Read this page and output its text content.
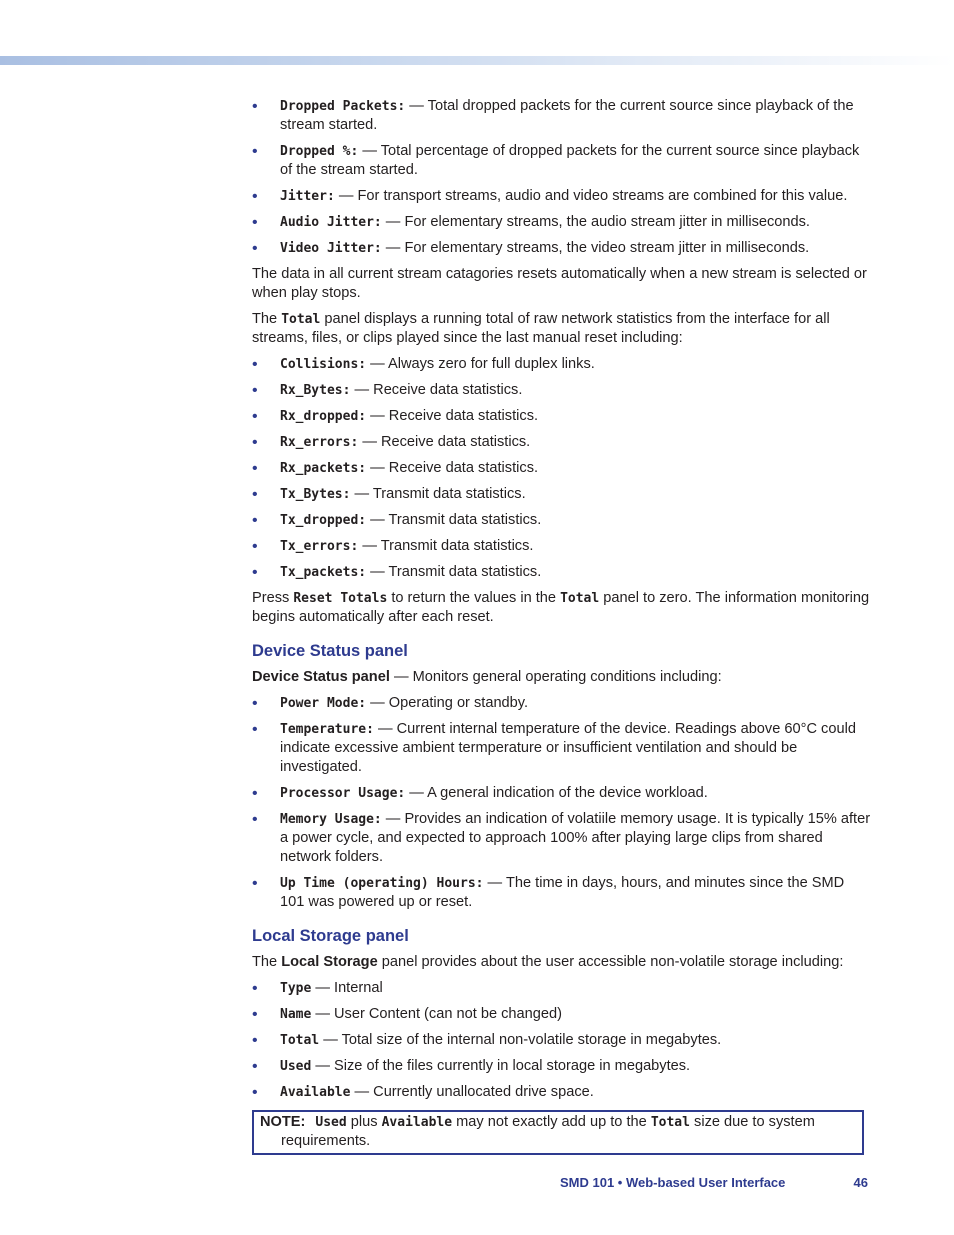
• Dropped Packets: — Total dropped packets for the current source since playback of the stream started.
• Dropped %: — Total percentage of dropped packets for the current source since playback of the stream started.
• Jitter: — For transport streams, audio and video streams are combined for this value.
• Audio Jitter: — For elementary streams, the audio stream jitter in milliseconds.
• Video Jitter: — For elementary streams, the video stream jitter in milliseconds.

The data in all current stream catagories resets automatically when a new stream is selected or when play stops.

The Total panel displays a running total of raw network statistics from the interface for all streams, files, or clips played since the last manual reset including:

• Collisions: — Always zero for full duplex links.
• Rx_Bytes: — Receive data statistics.
• Rx_dropped: — Receive data statistics.
• Rx_errors: — Receive data statistics.
• Rx_packets: — Receive data statistics.
• Tx_Bytes: — Transmit data statistics.
• Tx_dropped: — Transmit data statistics.
• Tx_errors: — Transmit data statistics.
• Tx_packets: — Transmit data statistics.

Press Reset Totals to return the values in the Total panel to zero. The information monitoring begins automatically after each reset.

Device Status panel

Device Status panel — Monitors general operating conditions including:

• Power Mode: — Operating or standby.
• Temperature: — Current internal temperature of the device. Readings above 60°C could indicate excessive ambient termperature or insufficient ventilation and should be investigated.
• Processor Usage: — A general indication of the device workload.
• Memory Usage: — Provides an indication of volatiile memory usage. It is typically 15% after a power cycle, and expected to approach 100% after playing large clips from shared network folders.
• Up Time (operating) Hours: — The time in days, hours, and minutes since the SMD 101 was powered up or reset.
Local Storage panel

The Local Storage panel provides about the user accessible non-volatile storage including:

• Type — Internal
• Name — User Content (can not be changed)
• Total — Total size of the internal non-volatile storage in megabytes.
• Used — Size of the files currently in local storage in megabytes.
• Available — Currently unallocated drive space.
NOTE: Used plus Available may not exactly add up to the Total size due to system
requirements.
SMD 101 • Web-based User Interface	46
